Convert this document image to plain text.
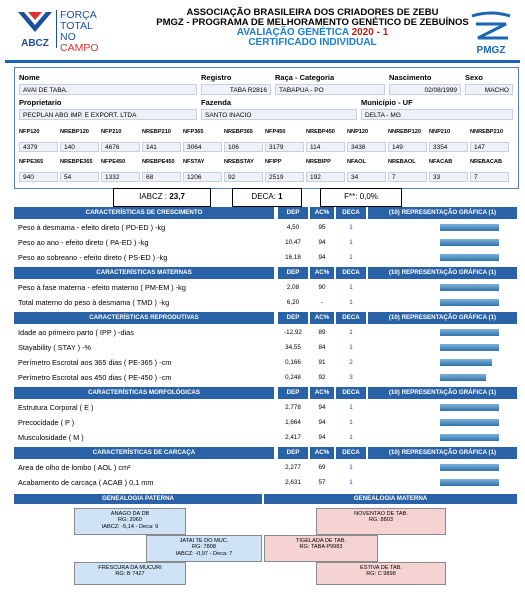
ABCZ
FORÇA
TOTAL NO
CAMPO
ASSOCIAÇÃO BRASILEIRA DOS CRIADORES DE ZEBU
PMGZ - PROGRAMA DE MELHORAMENTO GENÉTICO DE ZEBUÍNOS
AVALIAÇÃO GENÉTICA 2020 - 1
CERTIFICADO INDIVIDUAL
PMGZ
Nome
AVAI DE TABA.
Registro
TABA R2816
Raça - Categoria
TABAPUA - PO
Nascimento
02/08/1999
Sexo
MACHO
Proprietario
PECPLAN ABG IMP. E EXPORT. LTDA
Fazenda
SANTO INACIO
Município - UF
DELTA - MG
NFP120
4379
NREBP120
140
NFP210
4676
NREBP210
141
NFP365
3064
NREBP365
106
NFP450
3179
NREBP450
114
NNP120
3438
NNREBP120
149
NNP210
3354
NNREBP210
147
NFPE365
940
NREBPE365
54
NFPE450
1332
NREBPE450
68
NFSTAY
1206
NREBSTAY
92
NFIPP
2519
NREBIPP
192
NFAOL
34
NREBAOL
7
NFACAB
33
NREBACAB
7
IABCZ : 23,7	DECA: 1	F**: 0,0%
CARACTERÍSTICAS DE CRESCIMENTO	DEP	AC%	DECA	(10) REPRESENTAÇÃO GRÁFICA (1)
Peso à desmama - efeito direto ( PD-ED ) -kg	4,50	95	1
Peso ao ano - efeito direto ( PA-ED ) -kg	10,47	94	1
Peso ao sobreano - efeito direto ( PS-ED ) -kg	16,18	94	1
CARACTERÍSTICAS MATERNAS	DEP	AC%	DECA	(10) REPRESENTAÇÃO GRÁFICA (1)
Peso à fase materna - efeito materno ( PM-EM ) -kg	2,08	90	1
Total materno do peso à desmama ( TMD ) -kg	6,20	-	1
CARACTERÍSTICAS REPRODUTIVAS	DEP	AC%	DECA	(10) REPRESENTAÇÃO GRÁFICA (1)
Idade ao primeiro parto ( IPP ) -dias	-12,92	89	1
Stayability ( STAY ) -%	34,55	84	1
Perímetro Escrotal aos 365 dias ( PE-365 ) -cm	0,166	91	2
Perímetro Escrotal aos 450 dias ( PE-450 ) -cm	0,248	92	3
CARACTERÍSTICAS MORFOLÓGICAS	DEP	AC%	DECA	(10) REPRESENTAÇÃO GRÁFICA (1)
Estrutura Corporal ( E )	2,778	94	1
Precocidade ( P )	1,664	94	1
Musculosidade ( M )	2,417	94	1
CARACTERÍSTICAS DE CARCAÇA	DEP	AC%	DECA	(10) REPRESENTAÇÃO GRÁFICA (1)
Area de olho de lombo ( AOL ) cm²	2,277	69	1
Acabamento de carcaça ( ACAB ) 0,1 mm	2,631	57	1
GENEALOGIA PATERNA	GENEALOGIA MATERNA
ANAGO DA DB
RG: 2060
IABCZ: -5,14 - Deca: 9
JATAI TE DO MUC.
RG: 7808
IABCZ: -0,97 - Deca: 7
FRESCURA DA MUCURI
RG: B 7427
NOVENTAO DE TAB.
RG: 8803
TIGELADA DE TAB.
RG: TABA P9983
ESTIVA DE TAB.
RG: C 9898
